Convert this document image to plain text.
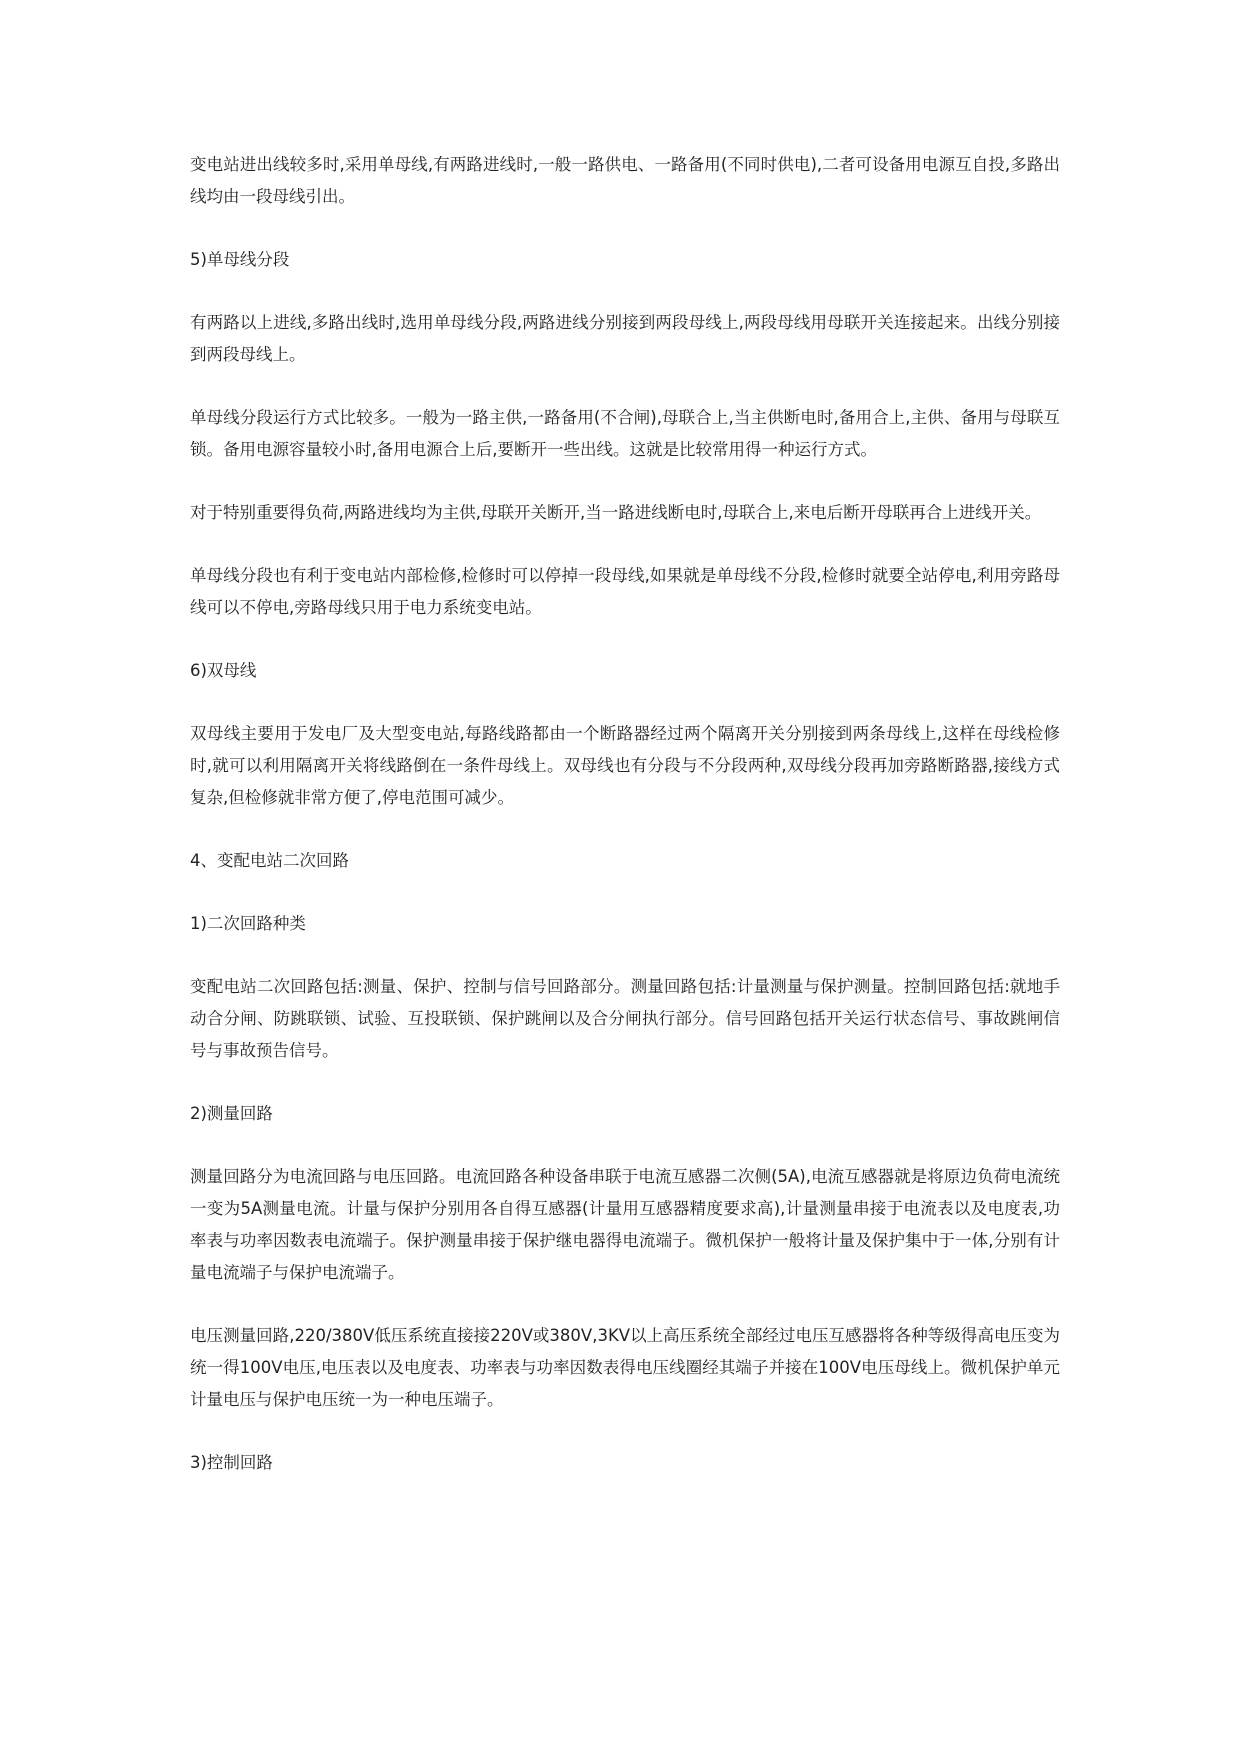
变电站进出线较多时,采用单母线,有两路进线时,一般一路供电、一路备用(不同时供电),二者可设备用电源互自投,多路出线均由一段母线引出。

5)单母线分段

有两路以上进线,多路出线时,选用单母线分段,两路进线分别接到两段母线上,两段母线用母联开关连接起来。出线分别接到两段母线上。

单母线分段运行方式比较多。一般为一路主供,一路备用(不合闸),母联合上,当主供断电时,备用合上,主供、备用与母联互锁。备用电源容量较小时,备用电源合上后,要断开一些出线。这就是比较常用得一种运行方式。

对于特别重要得负荷,两路进线均为主供,母联开关断开,当一路进线断电时,母联合上,来电后断开母联再合上进线开关。

单母线分段也有利于变电站内部检修,检修时可以停掉一段母线,如果就是单母线不分段,检修时就要全站停电,利用旁路母线可以不停电,旁路母线只用于电力系统变电站。

6)双母线

双母线主要用于发电厂及大型变电站,每路线路都由一个断路器经过两个隔离开关分别接到两条母线上,这样在母线检修时,就可以利用隔离开关将线路倒在一条件母线上。双母线也有分段与不分段两种,双母线分段再加旁路断路器,接线方式复杂,但检修就非常方便了,停电范围可减少。

4、变配电站二次回路

1)二次回路种类

变配电站二次回路包括:测量、保护、控制与信号回路部分。测量回路包括:计量测量与保护测量。控制回路包括:就地手动合分闸、防跳联锁、试验、互投联锁、保护跳闸以及合分闸执行部分。信号回路包括开关运行状态信号、事故跳闸信号与事故预告信号。

2)测量回路

测量回路分为电流回路与电压回路。电流回路各种设备串联于电流互感器二次侧(5A),电流互感器就是将原边负荷电流统一变为5A测量电流。计量与保护分别用各自得互感器(计量用互感器精度要求高),计量测量串接于电流表以及电度表,功率表与功率因数表电流端子。保护测量串接于保护继电器得电流端子。微机保护一般将计量及保护集中于一体,分别有计量电流端子与保护电流端子。

电压测量回路,220/380V低压系统直接接220V或380V,3KV以上高压系统全部经过电压互感器将各种等级得高电压变为统一得100V电压,电压表以及电度表、功率表与功率因数表得电压线圈经其端子并接在100V电压母线上。微机保护单元计量电压与保护电压统一为一种电压端子。

3)控制回路
